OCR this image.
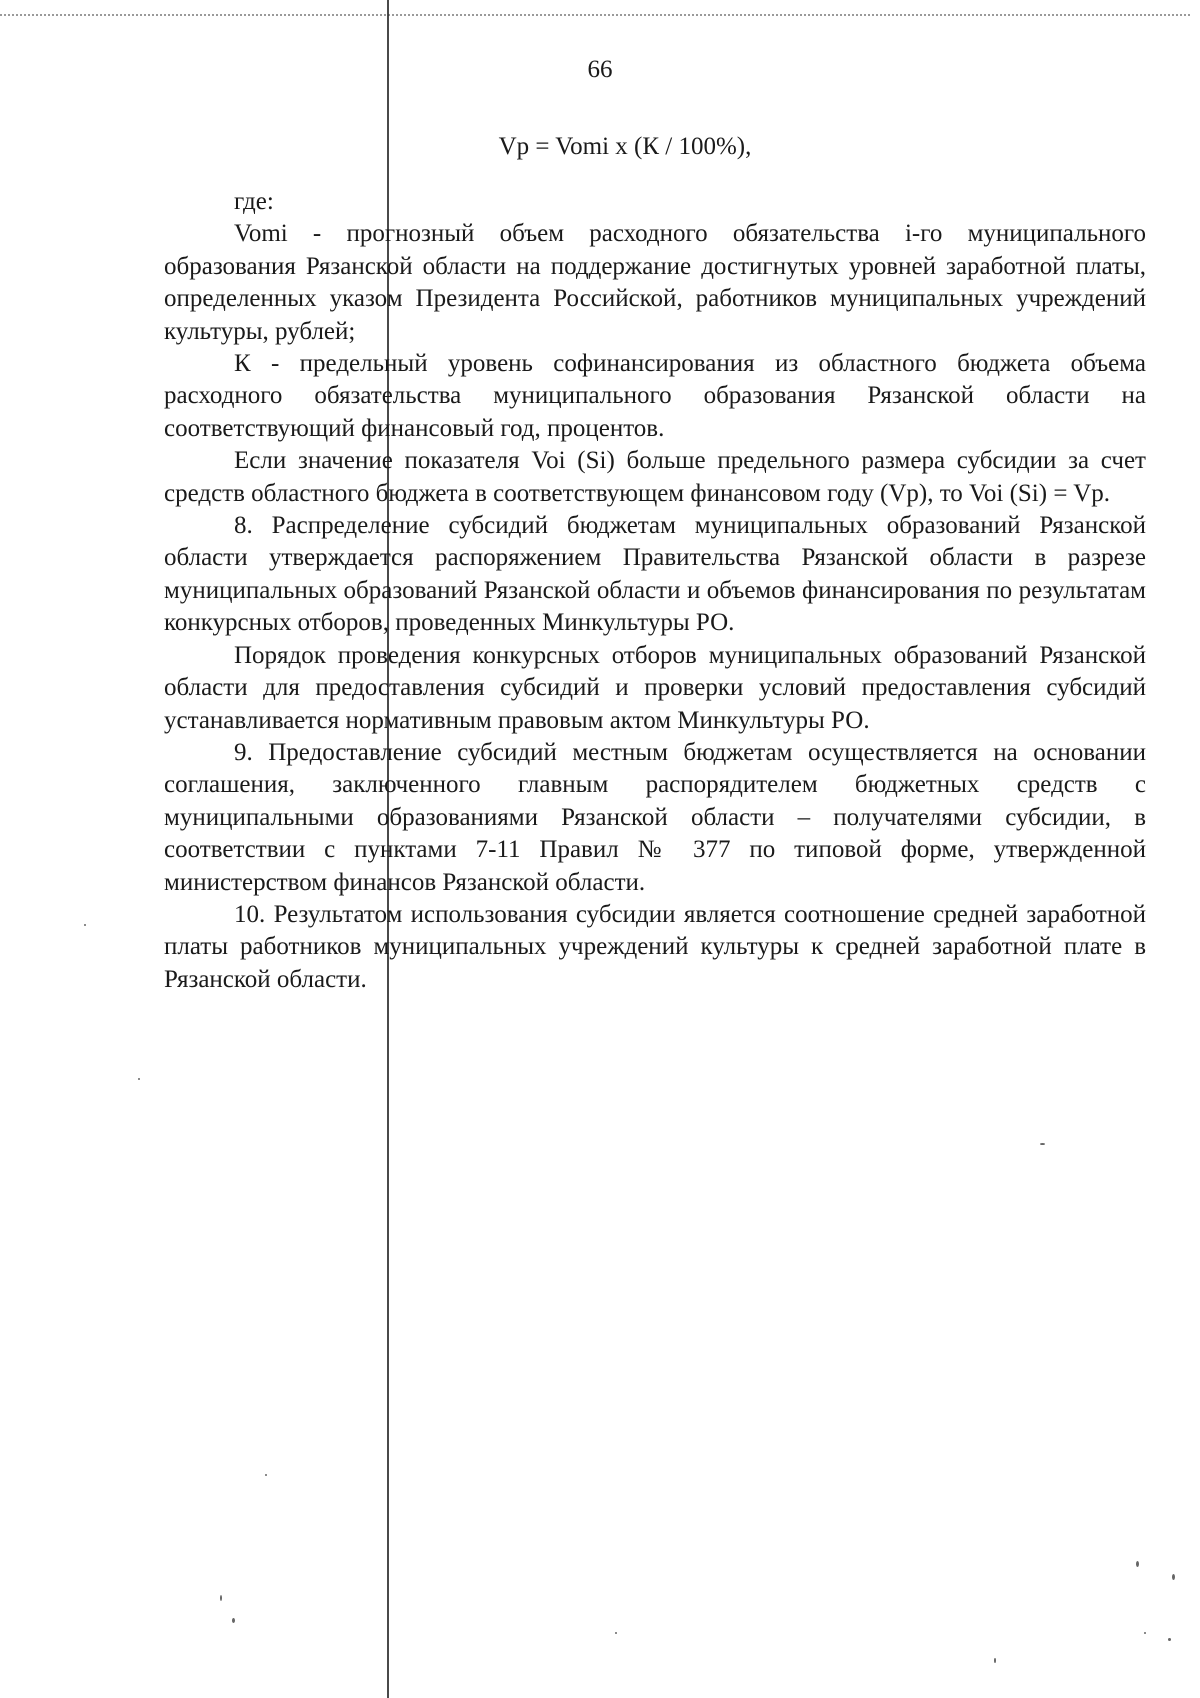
66
Vp = Vomi x (К / 100%),

где:

Vomi - прогнозный объем расходного обязательства i-го муниципального образования Рязанской области на поддержание достигнутых уровней заработной платы, определенных указом Президента Российской, работников муниципальных учреждений культуры, рублей;

К - предельный уровень софинансирования из областного бюджета объема расходного обязательства муниципального образования Рязанской области на соответствующий финансовый год, процентов.

Если значение показателя Voi (Si) больше предельного размера субсидии за счет средств областного бюджета в соответствующем финансовом году (Vp), то Voi (Si) = Vp.

8. Распределение субсидий бюджетам муниципальных образований Рязанской области утверждается распоряжением Правительства Рязанской области в разрезе муниципальных образований Рязанской области и объемов финансирования по результатам конкурсных отборов, проведенных Минкультуры РО.

Порядок проведения конкурсных отборов муниципальных образований Рязанской области для предоставления субсидий и проверки условий предоставления субсидий устанавливается нормативным правовым актом Минкультуры РО.

9. Предоставление субсидий местным бюджетам осуществляется на основании соглашения, заключенного главным распорядителем бюджетных средств с муниципальными образованиями Рязанской области – получателями субсидии, в соответствии с пунктами 7-11 Правил № 377 по типовой форме, утвержденной министерством финансов Рязанской области.

10. Результатом использования субсидии является соотношение средней заработной платы работников муниципальных учреждений культуры к средней заработной плате в Рязанской области.
